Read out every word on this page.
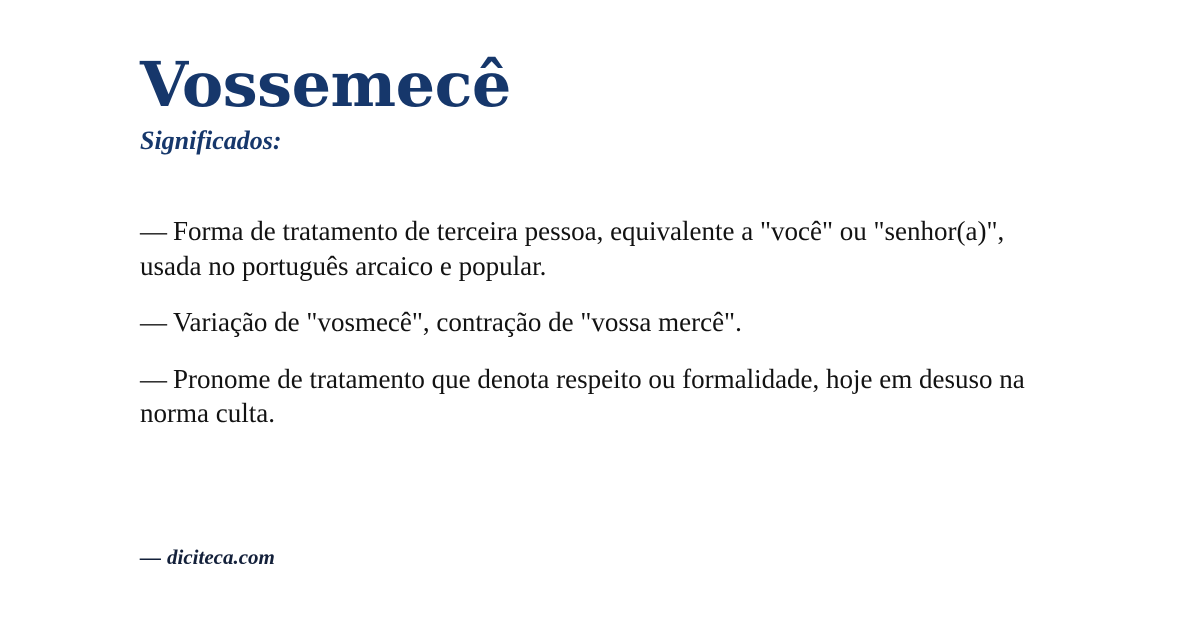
Vossemecê
Significados:

— Forma de tratamento de terceira pessoa, equivalente a "você" ou "senhor(a)", usada no português arcaico e popular.

— Variação de "vosmecê", contração de "vossa mercê".

— Pronome de tratamento que denota respeito ou formalidade, hoje em desuso na norma culta.

— diciteca.com
